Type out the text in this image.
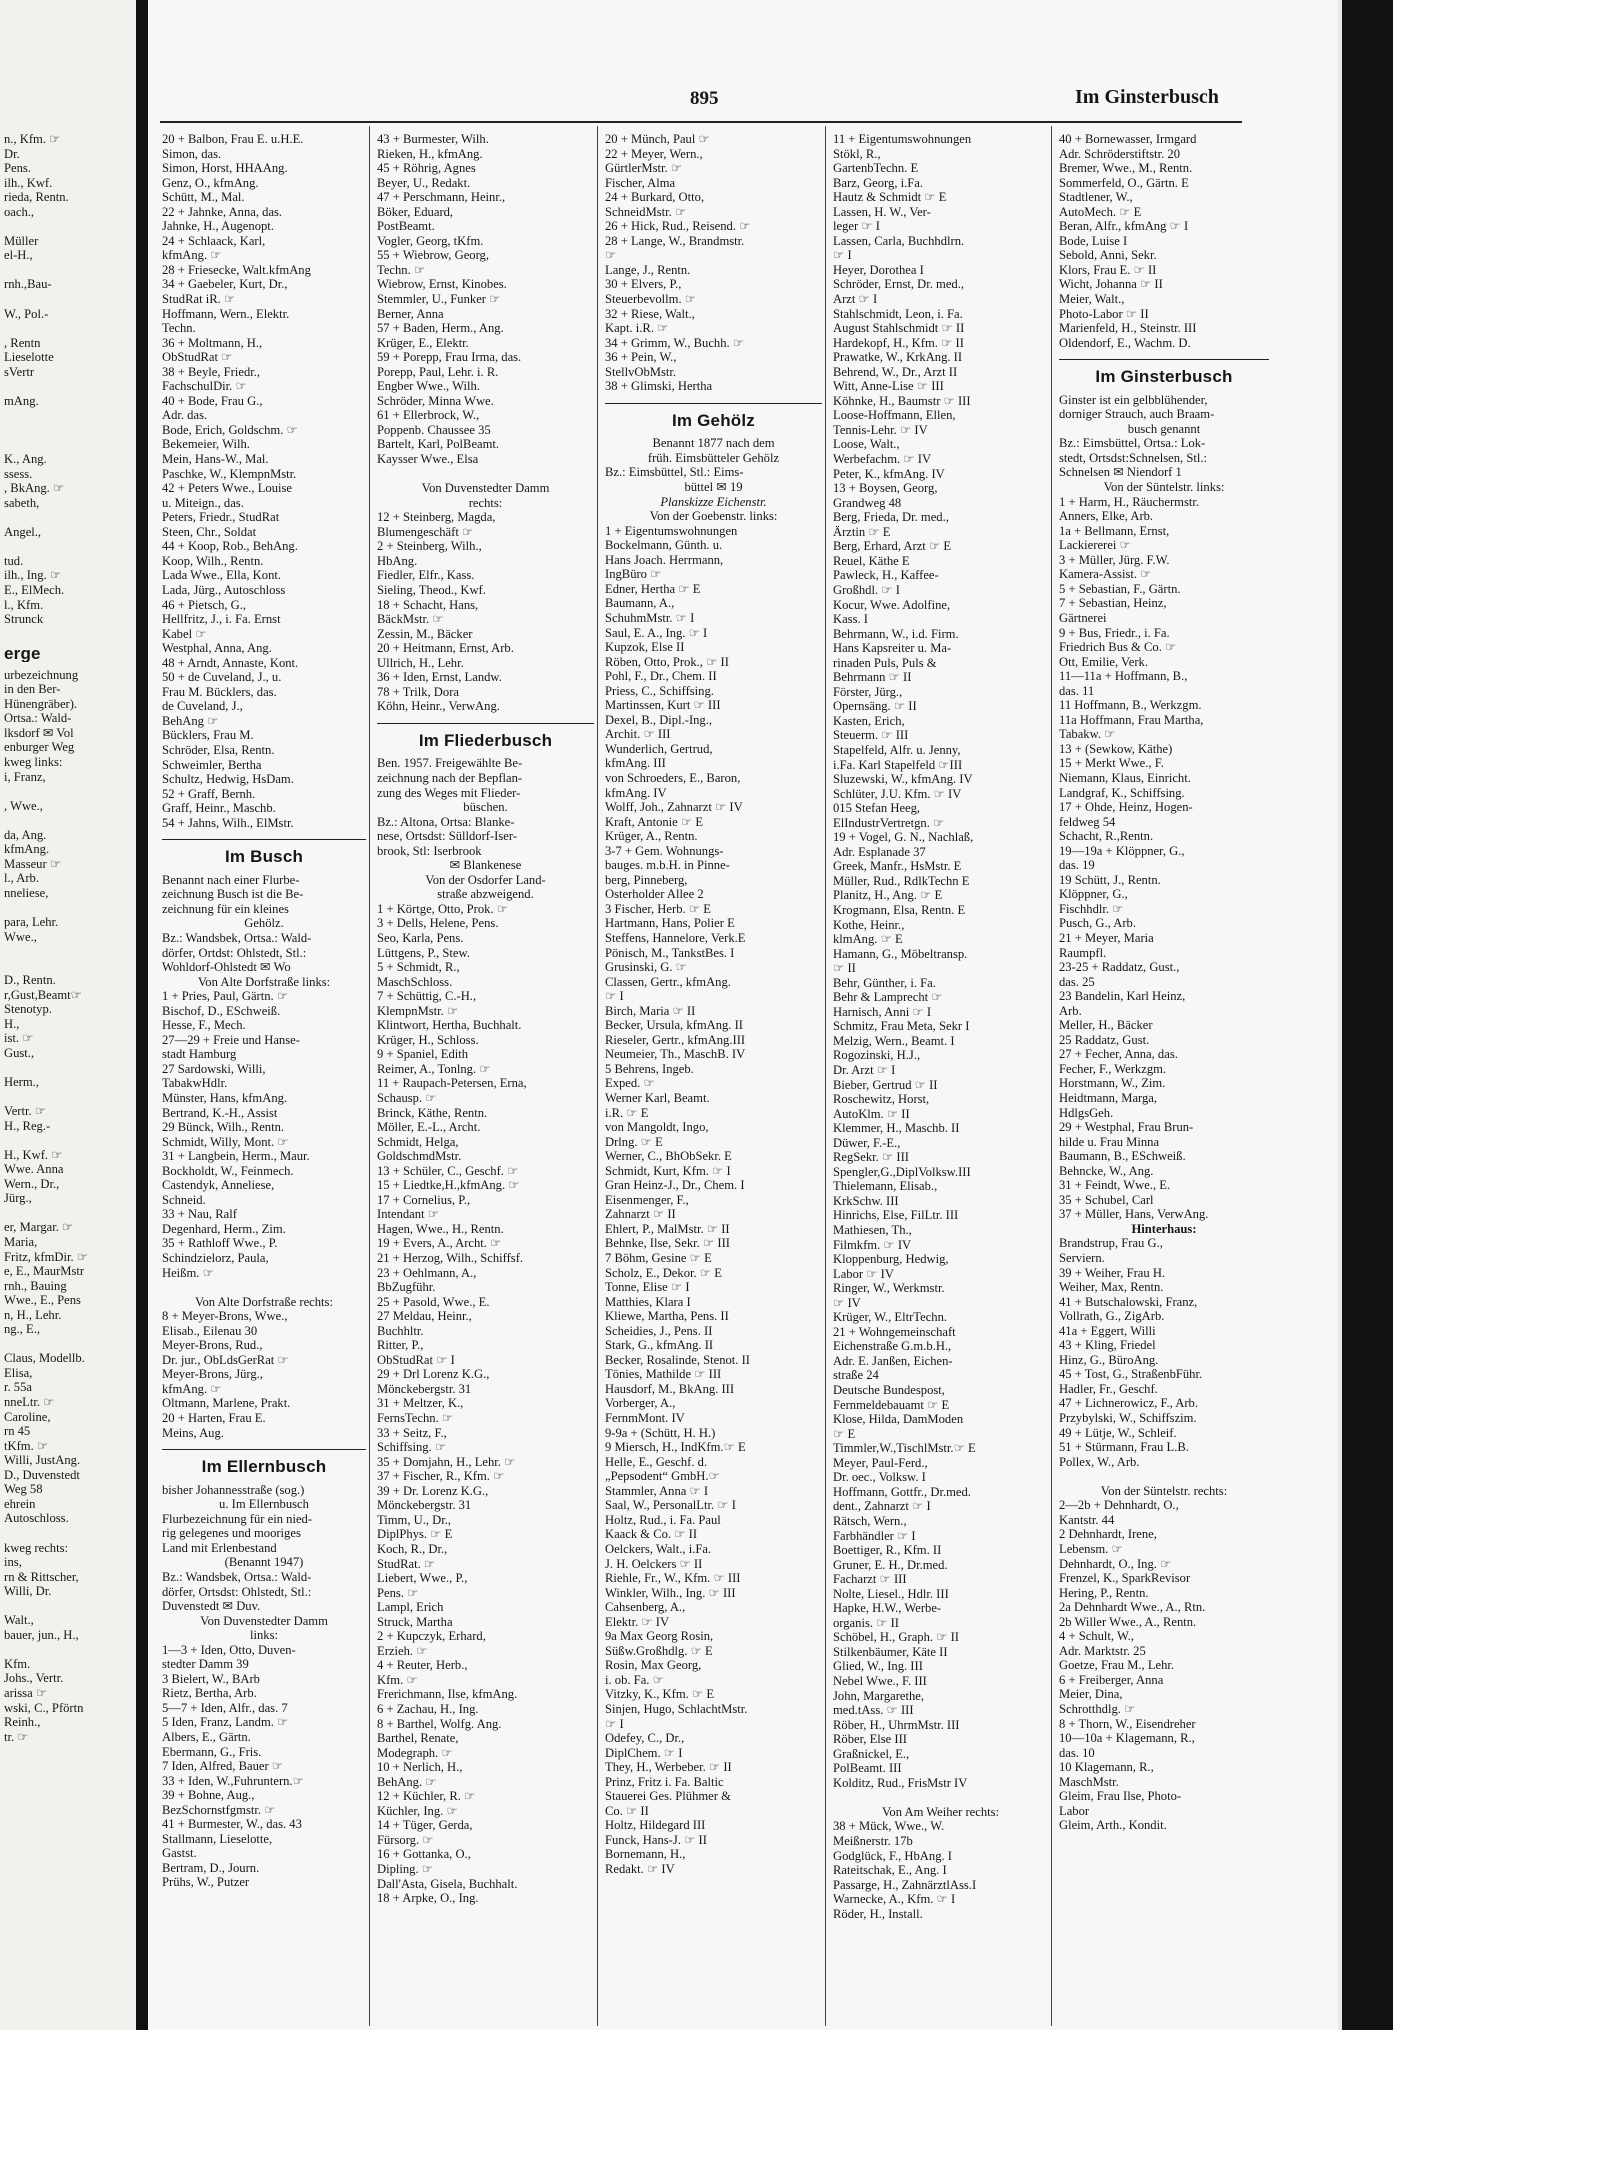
n., Kfm. ☞
Dr.
Pens.
ilh., Kwf.
rieda, Rentn.
oach.,

Müller
el-H.,

rnh.,Bau-

W., Pol.-

, Rentn
Lieselotte
sVertr

mAng.

K., Ang.
ssess.
, BkAng. ☞
sabeth,

Angel.,

tud.
ilh., Ing. ☞
E., ElMech.
l., Kfm.
Strunck

erge
urbezeichnung
in den Ber-
Hünengräber).
Ortsa.: Wald-
lksdorf ✉ Vol
enburger Weg
kweg links:
i, Franz,

, Wwe.,

da, Ang.
kfmAng.
Masseur ☞
l., Arb.
nneliese,

para, Lehr.
Wwe.,

D., Rentn.
r,Gust,Beamt☞
Stenotyp.
H.,
ist. ☞
Gust.,

Herm.,

Vertr. ☞
H., Reg.-

H., Kwf. ☞
Wwe. Anna
Wern., Dr.,
Jürg.,

er, Margar. ☞
Maria,
Fritz, kfmDir. ☞
e, E., MaurMstr
rnh., Bauing
Wwe., E., Pens
n, H., Lehr.
ng., E.,

Claus, Modellb.
Elisa,
r. 55a
nneLtr. ☞
Caroline,
rn 45
tKfm. ☞
Willi, JustAng.
D., Duvenstedt
Weg 58
ehrein
Autoschloss.

kweg rechts:
ins,
rn & Rittscher,
Willi, Dr.

Walt.,
bauer, jun., H.,

Kfm.
Johs., Vertr.
arissa ☞
wski, C., Pförtn
Reinh.,
tr. ☞
895	Im Ginsterbusch
20 + Balbon, Frau E. u.H.E.
Simon, das.
Simon, Horst, HHAAng.
Genz, O., kfmAng.
Schütt, M., Mal.
22 + Jahnke, Anna, das.
Jahnke, H., Augenopt.
24 + Schlaack, Karl,
kfmAng. ☞
28 + Friesecke, Walt.kfmAng
34 + Gaebeler, Kurt, Dr.,
StudRat iR. ☞
Hoffmann, Wern., Elektr.
Techn.
36 + Moltmann, H.,
ObStudRat ☞
38 + Beyle, Friedr.,
FachschulDir. ☞
40 + Bode, Frau G.,
Adr. das.
Bode, Erich, Goldschm. ☞
Bekemeier, Wilh.
Mein, Hans-W., Mal.
Paschke, W., KlempnMstr.
42 + Peters Wwe., Louise
u. Miteign., das.
Peters, Friedr., StudRat
Steen, Chr., Soldat
44 + Koop, Rob., BehAng.
Koop, Wilh., Rentn.
Lada Wwe., Ella, Kont.
Lada, Jürg., Autoschloss
46 + Pietsch, G.,
Hellfritz, J., i. Fa. Ernst
Kabel ☞
Westphal, Anna, Ang.
48 + Arndt, Annaste, Kont.
50 + de Cuveland, J., u.
Frau M. Bücklers, das.
de Cuveland, J.,
BehAng ☞
Bücklers, Frau M.
Schröder, Elsa, Rentn.
Schweimler, Bertha
Schultz, Hedwig, HsDam.
52 + Graff, Bernh.
Graff, Heinr., Maschb.
54 + Jahns, Wilh., ElMstr.
Im Busch
Benannt nach einer Flurbe-
zeichnung Busch ist die Be-
zeichnung für ein kleines
Gehölz.
Bz.: Wandsbek, Ortsa.: Wald-
dörfer, Ortdst: Ohlstedt, Stl.:
Wohldorf-Ohlstedt ✉ Wo
Von Alte Dorfstraße links:
1 + Pries, Paul, Gärtn. ☞
Bischof, D., ESchweiß.
Hesse, F., Mech.
27—29 + Freie und Hanse-
stadt Hamburg
27 Sardowski, Willi,
TabakwHdlr.
Münster, Hans, kfmAng.
Bertrand, K.-H., Assist
29 Bünck, Wilh., Rentn.
Schmidt, Willy, Mont. ☞
31 + Langbein, Herm., Maur.
Bockholdt, W., Feinmech.
Castendyk, Anneliese,
Schneid.
33 + Nau, Ralf
Degenhard, Herm., Zim.
35 + Rathloff Wwe., P.
Schindzielorz, Paula,
Heißm. ☞

Von Alte Dorfstraße rechts:
8 + Meyer-Brons, Wwe.,
Elisab., Eilenau 30
Meyer-Brons, Rud.,
Dr. jur., ObLdsGerRat ☞
Meyer-Brons, Jürg.,
kfmAng. ☞
Oltmann, Marlene, Prakt.
20 + Harten, Frau E.
Meins, Aug.
Im Ellernbusch
bisher Johannesstraße (sog.)
u. Im Ellernbusch
Flurbezeichnung für ein nied-
rig gelegenes und mooriges
Land mit Erlenbestand
(Benannt 1947)
Bz.: Wandsbek, Ortsa.: Wald-
dörfer, Ortsdst: Ohlstedt, Stl.:
Duvenstedt ✉ Duv.
Von Duvenstedter Damm
links:
1—3 + Iden, Otto, Duven-
stedter Damm 39
3 Bielert, W., BArb
Rietz, Bertha, Arb.
5—7 + Iden, Alfr., das. 7
5 Iden, Franz, Landm. ☞
Albers, E., Gärtn.
Ebermann, G., Fris.
7 Iden, Alfred, Bauer ☞
33 + Iden, W.,Fuhruntern.☞
39 + Bohne, Aug.,
BezSchornstfgmstr. ☞
41 + Burmester, W., das. 43
Stallmann, Lieselotte,
Gastst.
Bertram, D., Journ.
Prühs, W., Putzer
43 + Burmester, Wilh.
Rieken, H., kfmAng.
45 + Röhrig, Agnes
Beyer, U., Redakt.
47 + Perschmann, Heinr.,
Böker, Eduard,
PostBeamt.
Vogler, Georg, tKfm.
55 + Wiebrow, Georg,
Techn. ☞
Wiebrow, Ernst, Kinobes.
Stemmler, U., Funker ☞
Berner, Anna
57 + Baden, Herm., Ang.
Krüger, E., Elektr.
59 + Porepp, Frau Irma, das.
Porepp, Paul, Lehr. i. R.
Engber Wwe., Wilh.
Schröder, Minna Wwe.
61 + Ellerbrock, W.,
Poppenb. Chaussee 35
Bartelt, Karl, PolBeamt.
Kaysser Wwe., Elsa

Von Duvenstedter Damm
rechts:
12 + Steinberg, Magda,
Blumengeschäft ☞
2 + Steinberg, Wilh.,
HbAng.
Fiedler, Elfr., Kass.
Sieling, Theod., Kwf.
18 + Schacht, Hans,
BäckMstr. ☞
Zessin, M., Bäcker
20 + Heitmann, Ernst, Arb.
Ullrich, H., Lehr.
36 + Iden, Ernst, Landw.
78 + Trilk, Dora
Köhn, Heinr., VerwAng.
Im Fliederbusch
Ben. 1957. Freigewählte Be-
zeichnung nach der Bepflan-
zung des Weges mit Flieder-
büschen.
Bz.: Altona, Ortsa: Blanke-
nese, Ortsdst: Sülldorf-Iser-
brook, Stl: Iserbrook
✉ Blankenese
Von der Osdorfer Land-
straße abzweigend.
1 + Körtge, Otto, Prok. ☞
3 + Dells, Helene, Pens.
Seo, Karla, Pens.
Lüttgens, P., Stew.
5 + Schmidt, R.,
MaschSchloss.
7 + Schüttig, C.-H.,
KlempnMstr. ☞
Klintwort, Hertha, Buchhalt.
Krüger, H., Schloss.
9 + Spaniel, Edith
Reimer, A., Tonlng. ☞
11 + Raupach-Petersen, Erna,
Schausp. ☞
Brinck, Käthe, Rentn.
Möller, E.-L., Archt.
Schmidt, Helga,
GoldschmdMstr.
13 + Schüler, C., Geschf. ☞
15 + Liedtke,H.,kfmAng. ☞
17 + Cornelius, P.,
Intendant ☞
Hagen, Wwe., H., Rentn.
19 + Evers, A., Archt. ☞
21 + Herzog, Wilh., Schiffsf.
23 + Oehlmann, A.,
BbZugführ.
25 + Pasold, Wwe., E.
27 Meldau, Heinr.,
Buchhltr.
Ritter, P.,
ObStudRat ☞ I
29 + Drl Lorenz K.G.,
Mönckebergstr. 31
31 + Meltzer, K.,
FernsTechn. ☞
33 + Seitz, F.,
Schiffsing. ☞
35 + Domjahn, H., Lehr. ☞
37 + Fischer, R., Kfm. ☞
39 + Dr. Lorenz K.G.,
Mönckebergstr. 31
Timm, U., Dr.,
DiplPhys. ☞ E
Koch, R., Dr.,
StudRat. ☞
Liebert, Wwe., P.,
Pens. ☞
Lampl, Erich
Struck, Martha
2 + Kupczyk, Erhard,
Erzieh. ☞
4 + Reuter, Herb.,
Kfm. ☞
Frerichmann, Ilse, kfmAng.
6 + Zachau, H., Ing.
8 + Barthel, Wolfg. Ang.
Barthel, Renate,
Modegraph. ☞
10 + Nerlich, H.,
BehAng. ☞
12 + Küchler, R. ☞
Küchler, Ing. ☞
14 + Tüger, Gerda,
Fürsorg. ☞
16 + Gottanka, O.,
Dipling. ☞
Dall'Asta, Gisela, Buchhalt.
18 + Arpke, O., Ing.
20 + Münch, Paul ☞
22 + Meyer, Wern.,
GürtlerMstr. ☞
Fischer, Alma
24 + Burkard, Otto,
SchneidMstr. ☞
26 + Hick, Rud., Reisend. ☞
28 + Lange, W., Brandmstr.
☞
Lange, J., Rentn.
30 + Elvers, P.,
Steuerbevollm. ☞
32 + Riese, Walt.,
Kapt. i.R. ☞
34 + Grimm, W., Buchh. ☞
36 + Pein, W.,
StellvObMstr.
38 + Glimski, Hertha
Im Gehölz
Benannt 1877 nach dem
früh. Eimsbütteler Gehölz
Bz.: Eimsbüttel, Stl.: Eims-
büttel ✉ 19
Planskizze Eichenstr.
Von der Goebenstr. links:
1 + Eigentumswohnungen
Bockelmann, Günth. u.
Hans Joach. Herrmann,
IngBüro ☞
Edner, Hertha ☞ E
Baumann, A.,
SchuhmMstr. ☞ I
Saul, E. A., Ing. ☞ I
Kupzok, Else II
Röben, Otto, Prok., ☞ II
Pohl, F., Dr., Chem. II
Priess, C., Schiffsing.
Martinssen, Kurt ☞ III
Dexel, B., Dipl.-Ing.,
Archit. ☞ III
Wunderlich, Gertrud,
kfmAng. III
von Schroeders, E., Baron,
kfmAng. IV
Wolff, Joh., Zahnarzt ☞ IV
Kraft, Antonie ☞ E
Krüger, A., Rentn.
3-7 + Gem. Wohnungs-
bauges. m.b.H. in Pinne-
berg, Pinneberg,
Osterholder Allee 2
3 Fischer, Herb. ☞ E
Hartmann, Hans, Polier E
Steffens, Hannelore, Verk.E
Pönisch, M., TankstBes. I
Grusinski, G. ☞
Classen, Gertr., kfmAng.
☞ I
Birch, Maria ☞ II
Becker, Ursula, kfmAng. II
Rieseler, Gertr., kfmAng.III
Neumeier, Th., MaschB. IV
5 Behrens, Ingeb.
Exped. ☞
Werner Karl, Beamt.
i.R. ☞ E
von Mangoldt, Ingo,
Drlng. ☞ E
Werner, C., BhObSekr. E
Schmidt, Kurt, Kfm. ☞ I
Gran Heinz-J., Dr., Chem. I
Eisenmenger, F.,
Zahnarzt ☞ II
Ehlert, P., MalMstr. ☞ II
Behnke, Ilse, Sekr. ☞ III
7 Böhm, Gesine ☞ E
Scholz, E., Dekor. ☞ E
Tonne, Elise ☞ I
Matthies, Klara I
Kliewe, Martha, Pens. II
Scheidies, J., Pens. II
Stark, G., kfmAng. II
Becker, Rosalinde, Stenot. II
Tönies, Mathilde ☞ III
Hausdorf, M., BkAng. III
Vorberger, A.,
FernmMont. IV
9-9a + (Schütt, H. H.)
9 Miersch, H., IndKfm.☞ E
Helle, E., Geschf. d.
„Pepsodent“ GmbH.☞
Stammler, Anna ☞ I
Saal, W., PersonalLtr. ☞ I
Holtz, Rud., i. Fa. Paul
Kaack & Co. ☞ II
Oelckers, Walt., i.Fa.
J. H. Oelckers ☞ II
Riehle, Fr., W., Kfm. ☞ III
Winkler, Wilh., Ing. ☞ III
Cahsenberg, A.,
Elektr. ☞ IV
9a Max Georg Rosin,
Süßw.Großhdlg. ☞ E
Rosin, Max Georg,
i. ob. Fa. ☞
Vitzky, K., Kfm. ☞ E
Sinjen, Hugo, SchlachtMstr.
☞ I
Odefey, C., Dr.,
DiplChem. ☞ I
They, H., Werbeber. ☞ II
Prinz, Fritz i. Fa. Baltic
Stauerei Ges. Plühmer &
Co. ☞ II
Holtz, Hildegard III
Funck, Hans-J. ☞ II
Bornemann, H.,
Redakt. ☞ IV
11 + Eigentumswohnungen
Stökl, R.,
GartenbTechn. E
Barz, Georg, i.Fa.
Hautz & Schmidt ☞ E
Lassen, H. W., Ver-
leger ☞ I
Lassen, Carla, Buchhdlrn.
☞ I
Heyer, Dorothea I
Schröder, Ernst, Dr. med.,
Arzt ☞ I
Stahlschmidt, Leon, i. Fa.
August Stahlschmidt ☞ II
Hardekopf, H., Kfm. ☞ II
Prawatke, W., KrkAng. II
Behrend, W., Dr., Arzt II
Witt, Anne-Lise ☞ III
Köhnke, H., Baumstr ☞ III
Loose-Hoffmann, Ellen,
Tennis-Lehr. ☞ IV
Loose, Walt.,
Werbefachm. ☞ IV
Peter, K., kfmAng. IV
13 + Boysen, Georg,
Grandweg 48
Berg, Frieda, Dr. med.,
Ärztin ☞ E
Berg, Erhard, Arzt ☞ E
Reuel, Käthe E
Pawleck, H., Kaffee-
Großhdl. ☞ I
Kocur, Wwe. Adolfine,
Kass. I
Behrmann, W., i.d. Firm.
Hans Kapsreiter u. Ma-
rinaden Puls, Puls &
Behrmann ☞ II
Förster, Jürg.,
Opernsäng. ☞ II
Kasten, Erich,
Steuerm. ☞ III
Stapelfeld, Alfr. u. Jenny,
i.Fa. Karl Stapelfeld ☞III
Sluzewski, W., kfmAng. IV
Schlüter, J.U. Kfm. ☞ IV
015 Stefan Heeg,
ElIndustrVertretgn. ☞
19 + Vogel, G. N., Nachlaß,
Adr. Esplanade 37
Greek, Manfr., HsMstr. E
Müller, Rud., RdlkTechn E
Planitz, H., Ang. ☞ E
Krogmann, Elsa, Rentn. E
Kothe, Heinr.,
klmAng. ☞ E
Hamann, G., Möbeltransp.
☞ II
Behr, Günther, i. Fa.
Behr & Lamprecht ☞
Harnisch, Anni ☞ I
Schmitz, Frau Meta, Sekr I
Melzig, Wern., Beamt. I
Rogozinski, H.J.,
Dr. Arzt ☞ I
Bieber, Gertrud ☞ II
Roschewitz, Horst,
AutoKlm. ☞ II
Klemmer, H., Maschb. II
Düwer, F.-E.,
RegSekr. ☞ III
Spengler,G.,DiplVolksw.III
Thielemann, Elisab.,
KrkSchw. III
Hinrichs, Else, FilLtr. III
Mathiesen, Th.,
Filmkfm. ☞ IV
Kloppenburg, Hedwig,
Labor ☞ IV
Ringer, W., Werkmstr.
☞ IV
Krüger, W., EltrTechn.
21 + Wohngemeinschaft
Eichenstraße G.m.b.H.,
Adr. E. Janßen, Eichen-
straße 24
Deutsche Bundespost,
Fernmeldebauamt ☞ E
Klose, Hilda, DamModen
☞ E
Timmler,W.,TischlMstr.☞ E
Meyer, Paul-Ferd.,
Dr. oec., Volksw. I
Hoffmann, Gottfr., Dr.med.
dent., Zahnarzt ☞ I
Rätsch, Wern.,
Farbhändler ☞ I
Boettiger, R., Kfm. II
Gruner, E. H., Dr.med.
Facharzt ☞ III
Nolte, Liesel., Hdlr. III
Hapke, H.W., Werbe-
organis. ☞ II
Schöbel, H., Graph. ☞ II
Stilkenbäumer, Käte II
Glied, W., Ing. III
Nebel Wwe., F. III
John, Margarethe,
med.tAss. ☞ III
Röber, H., UhrmMstr. III
Röber, Else III
Graßnickel, E.,
PolBeamt. III
Kolditz, Rud., FrisMstr IV

Von Am Weiher rechts:
38 + Mück, Wwe., W.
Meißnerstr. 17b
Godglück, F., HbAng. I
Rateitschak, E., Ang. I
Passarge, H., ZahnärztlAss.I
Warnecke, A., Kfm. ☞ I
Röder, H., Install.
40 + Bornewasser, Irmgard
Adr. Schröderstiftstr. 20
Bremer, Wwe., M., Rentn.
Sommerfeld, O., Gärtn. E
Stadtlener, W.,
AutoMech. ☞ E
Beran, Alfr., kfmAng ☞ I
Bode, Luise I
Sebold, Anni, Sekr.
Klors, Frau E. ☞ II
Wicht, Johanna ☞ II
Meier, Walt.,
Photo-Labor ☞ II
Marienfeld, H., Steinstr. III
Oldendorf, E., Wachm. D.
Im Ginsterbusch
Ginster ist ein gelbblühender,
dorniger Strauch, auch Braam-
busch genannt
Bz.: Eimsbüttel, Ortsa.: Lok-
stedt, Ortsdst:Schnelsen, Stl.:
Schnelsen ✉ Niendorf 1
Von der Süntelstr. links:
1 + Harm, H., Räuchermstr.
Anners, Elke, Arb.
1a + Bellmann, Ernst,
Lackiererei ☞
3 + Müller, Jürg. F.W.
Kamera-Assist. ☞
5 + Sebastian, F., Gärtn.
7 + Sebastian, Heinz,
Gärtnerei
9 + Bus, Friedr., i. Fa.
Friedrich Bus & Co. ☞
Ott, Emilie, Verk.
11—11a + Hoffmann, B.,
das. 11
11 Hoffmann, B., Werkzgm.
11a Hoffmann, Frau Martha,
Tabakw. ☞
13 + (Sewkow, Käthe)
15 + Merkt Wwe., F.
Niemann, Klaus, Einricht.
Landgraf, K., Schiffsing.
17 + Ohde, Heinz, Hogen-
feldweg 54
Schacht, R.,Rentn.
19—19a + Klöppner, G.,
das. 19
19 Schütt, J., Rentn.
Klöppner, G.,
Fischhdlr. ☞
Pusch, G., Arb.
21 + Meyer, Maria
Raumpfl.
23-25 + Raddatz, Gust.,
das. 25
23 Bandelin, Karl Heinz,
Arb.
Meller, H., Bäcker
25 Raddatz, Gust.
27 + Fecher, Anna, das.
Fecher, F., Werkzgm.
Horstmann, W., Zim.
Heidtmann, Marga,
HdlgsGeh.
29 + Westphal, Frau Brun-
hilde u. Frau Minna
Baumann, B., ESchweiß.
Behncke, W., Ang.
31 + Feindt, Wwe., E.
35 + Schubel, Carl
37 + Müller, Hans, VerwAng.
Hinterhaus:
Brandstrup, Frau G.,
Serviern.
39 + Weiher, Frau H.
Weiher, Max, Rentn.
41 + Butschalowski, Franz,
Vollrath, G., ZigArb.
41a + Eggert, Willi
43 + Kling, Friedel
Hinz, G., BüroAng.
45 + Tost, G., StraßenbFühr.
Hadler, Fr., Geschf.
47 + Lichnerowicz, F., Arb.
Przybylski, W., Schiffszim.
49 + Lütje, W., Schleif.
51 + Stürmann, Frau L.B.
Pollex, W., Arb.

Von der Süntelstr. rechts:
2—2b + Dehnhardt, O.,
Kantstr. 44
2 Dehnhardt, Irene,
Lebensm. ☞
Dehnhardt, O., Ing. ☞
Frenzel, K., SparkRevisor
Hering, P., Rentn.
2a Dehnhardt Wwe., A., Rtn.
2b Willer Wwe., A., Rentn.
4 + Schult, W.,
Adr. Marktstr. 25
Goetze, Frau M., Lehr.
6 + Freiberger, Anna
Meier, Dina,
Schrotthdlg. ☞
8 + Thorn, W., Eisendreher
10—10a + Klagemann, R.,
das. 10
10 Klagemann, R.,
MaschMstr.
Gleim, Frau Ilse, Photo-
Labor
Gleim, Arth., Kondit.
